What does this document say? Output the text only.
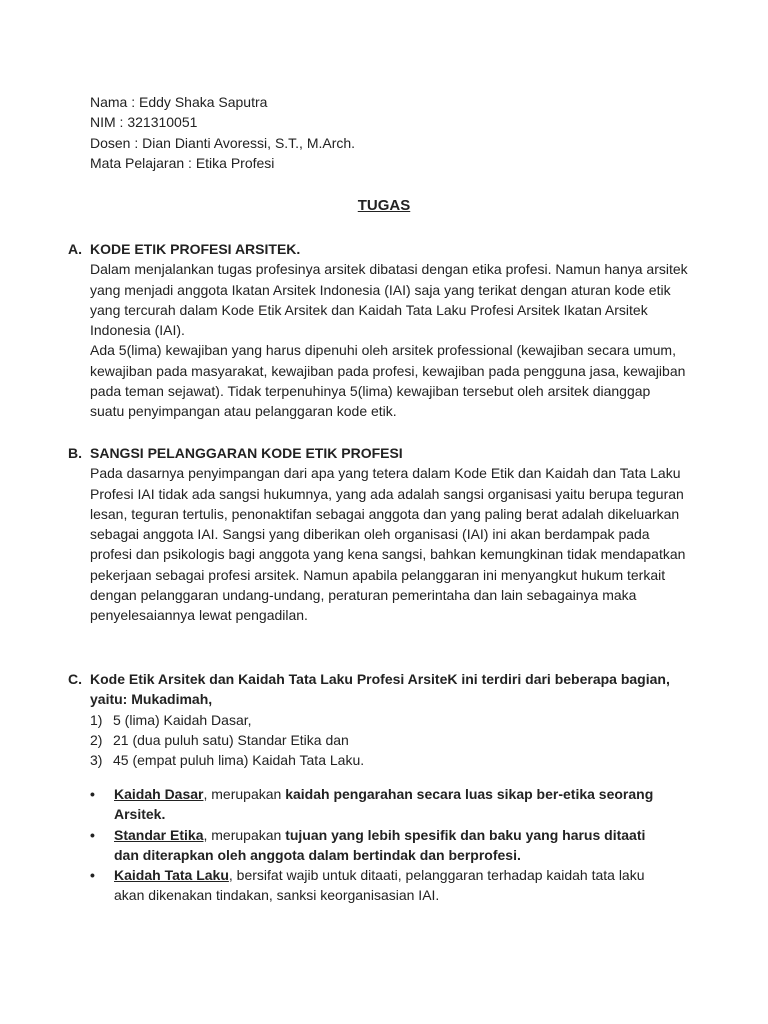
Nama : Eddy Shaka Saputra
NIM : 321310051
Dosen : Dian Dianti Avoressi, S.T., M.Arch.
Mata Pelajaran : Etika Profesi
TUGAS
A. KODE ETIK PROFESI ARSITEK.

Dalam menjalankan tugas profesinya arsitek dibatasi dengan etika profesi. Namun hanya arsitek yang menjadi anggota Ikatan Arsitek Indonesia (IAI) saja yang terikat dengan aturan kode etik yang tercurah dalam Kode Etik Arsitek dan Kaidah Tata Laku Profesi Arsitek Ikatan Arsitek Indonesia (IAI).

Ada 5(lima) kewajiban yang harus dipenuhi oleh arsitek professional (kewajiban secara umum, kewajiban pada masyarakat, kewajiban pada profesi, kewajiban pada pengguna jasa, kewajiban pada teman sejawat). Tidak terpenuhinya 5(lima) kewajiban tersebut oleh arsitek dianggap suatu penyimpangan atau pelanggaran kode etik.

B. SANGSI PELANGGARAN KODE ETIK PROFESI

Pada dasarnya penyimpangan dari apa yang tetera dalam Kode Etik dan Kaidah dan Tata Laku Profesi IAI tidak ada sangsi hukumnya, yang ada adalah sangsi organisasi yaitu berupa teguran lesan, teguran tertulis, penonaktifan sebagai anggota dan yang paling berat adalah dikeluarkan sebagai anggota IAI. Sangsi yang diberikan oleh organisasi (IAI) ini akan berdampak pada profesi dan psikologis bagi anggota yang kena sangsi, bahkan kemungkinan tidak mendapatkan pekerjaan sebagai profesi arsitek. Namun apabila pelanggaran ini menyangkut hukum terkait dengan pelanggaran undang-undang, peraturan pemerintaha dan lain sebagainya maka penyelesaiannya lewat pengadilan.

C. Kode Etik Arsitek dan Kaidah Tata Laku Profesi ArsiteK ini terdiri dari beberapa bagian, yaitu: Mukadimah,
1) 5 (lima) Kaidah Dasar,
2) 21 (dua puluh satu) Standar Etika dan
3) 45 (empat puluh lima) Kaidah Tata Laku.
• Kaidah Dasar, merupakan kaidah pengarahan secara luas sikap ber-etika seorang Arsitek.
• Standar Etika, merupakan tujuan yang lebih spesifik dan baku yang harus ditaati dan diterapkan oleh anggota dalam bertindak dan berprofesi.
• Kaidah Tata Laku, bersifat wajib untuk ditaati, pelanggaran terhadap kaidah tata laku akan dikenakan tindakan, sanksi keorganisasian IAI.
